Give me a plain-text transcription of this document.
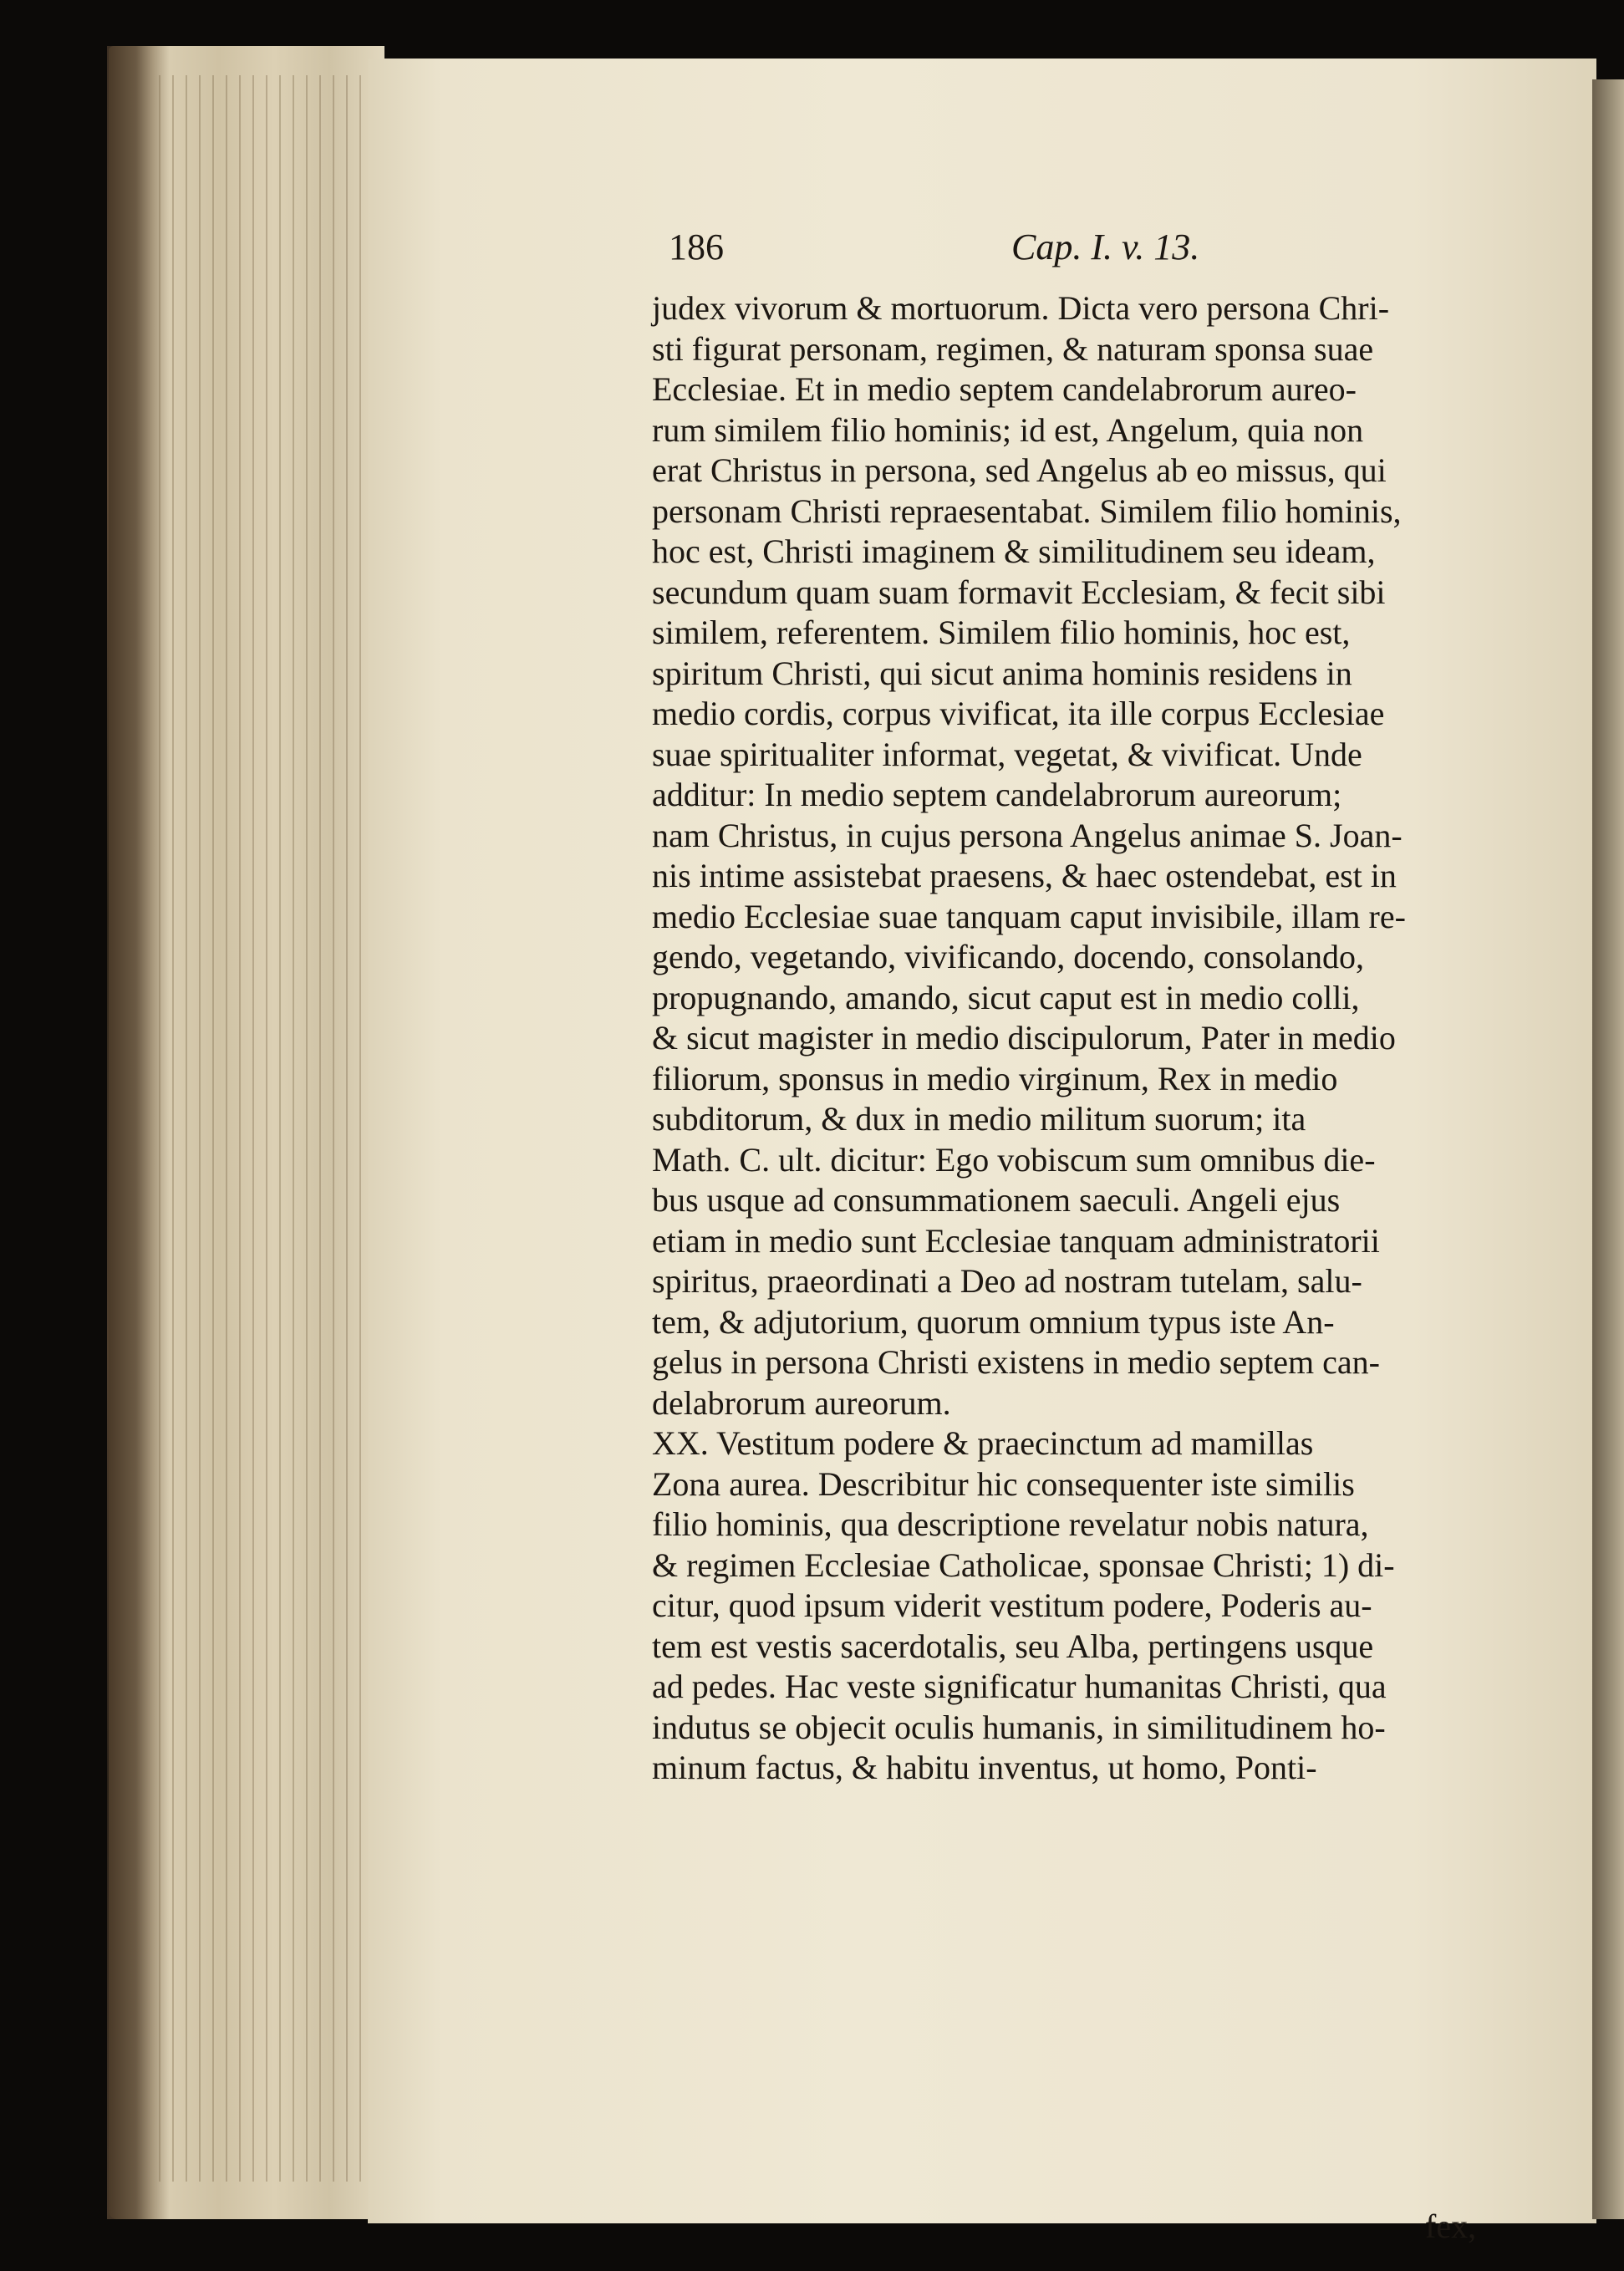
186	Cap. I. v. 13.
judex vivorum & mortuorum. Dicta vero persona Chri-
sti figurat personam, regimen, & naturam sponsa suae
Ecclesiae. Et in medio septem candelabrorum aureo-
rum similem filio hominis; id est, Angelum, quia non
erat Christus in persona, sed Angelus ab eo missus, qui
personam Christi repraesentabat. Similem filio hominis,
hoc est, Christi imaginem & similitudinem seu ideam,
secundum quam suam formavit Ecclesiam, & fecit sibi
similem, referentem. Similem filio hominis, hoc est,
spiritum Christi, qui sicut anima hominis residens in
medio cordis, corpus vivificat, ita ille corpus Ecclesiae
suae spiritualiter informat, vegetat, & vivificat. Unde
additur: In medio septem candelabrorum aureorum;
nam Christus, in cujus persona Angelus animae S. Joan-
nis intime assistebat praesens, & haec ostendebat, est in
medio Ecclesiae suae tanquam caput invisibile, illam re-
gendo, vegetando, vivificando, docendo, consolando,
propugnando, amando, sicut caput est in medio colli,
& sicut magister in medio discipulorum, Pater in medio
filiorum, sponsus in medio virginum, Rex in medio
subditorum, & dux in medio militum suorum; ita
Math. C. ult. dicitur: Ego vobiscum sum omnibus die-
bus usque ad consummationem saeculi. Angeli ejus
etiam in medio sunt Ecclesiae tanquam administratorii
spiritus, praeordinati a Deo ad nostram tutelam, salu-
tem, & adjutorium, quorum omnium typus iste An-
gelus in persona Christi existens in medio septem can-
delabrorum aureorum.
XX. Vestitum podere & praecinctum ad mamillas
Zona aurea. Describitur hic consequenter iste similis
filio hominis, qua descriptione revelatur nobis natura,
& regimen Ecclesiae Catholicae, sponsae Christi; 1) di-
citur, quod ipsum viderit vestitum podere, Poderis au-
tem est vestis sacerdotalis, seu Alba, pertingens usque
ad pedes. Hac veste significatur humanitas Christi, qua
indutus se objecit oculis humanis, in similitudinem ho-
minum factus, & habitu inventus, ut homo, Ponti-
fex,
